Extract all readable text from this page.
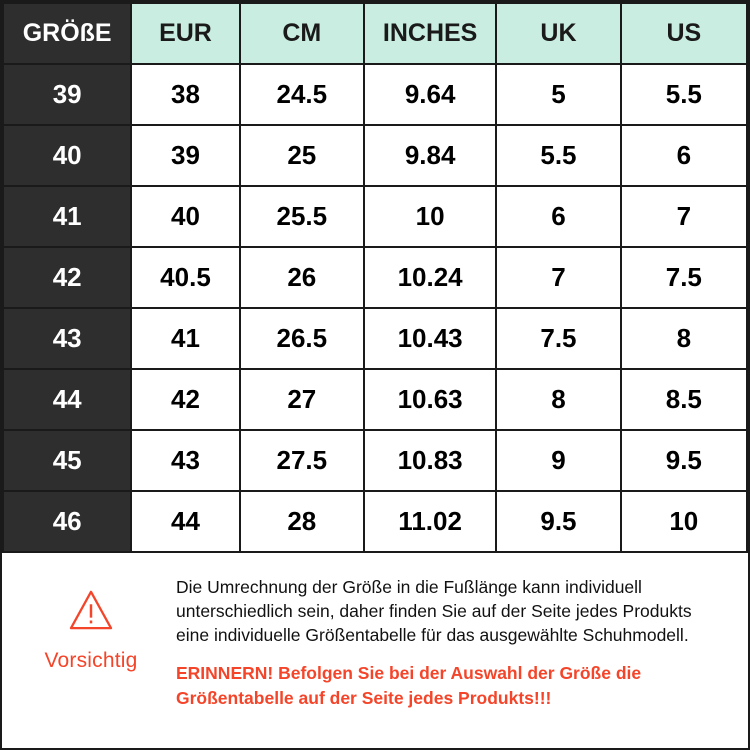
GRÖßE	EUR	CM	INCHES	UK	US
39	38	24.5	9.64	5	5.5
40	39	25	9.84	5.5	6
41	40	25.5	10	6	7
42	40.5	26	10.24	7	7.5
43	41	26.5	10.43	7.5	8
44	42	27	10.63	8	8.5
45	43	27.5	10.83	9	9.5
46	44	28	11.02	9.5	10
Vorsichtig

Die Umrechnung der Größe in die Fußlänge kann individuell unterschiedlich sein, daher finden Sie auf der Seite jedes Produkts eine individuelle Größentabelle für das ausgewählte Schuhmodell.

ERINNERN! Befolgen Sie bei der Auswahl der Größe die Größentabelle auf der Seite jedes Produkts!!!
